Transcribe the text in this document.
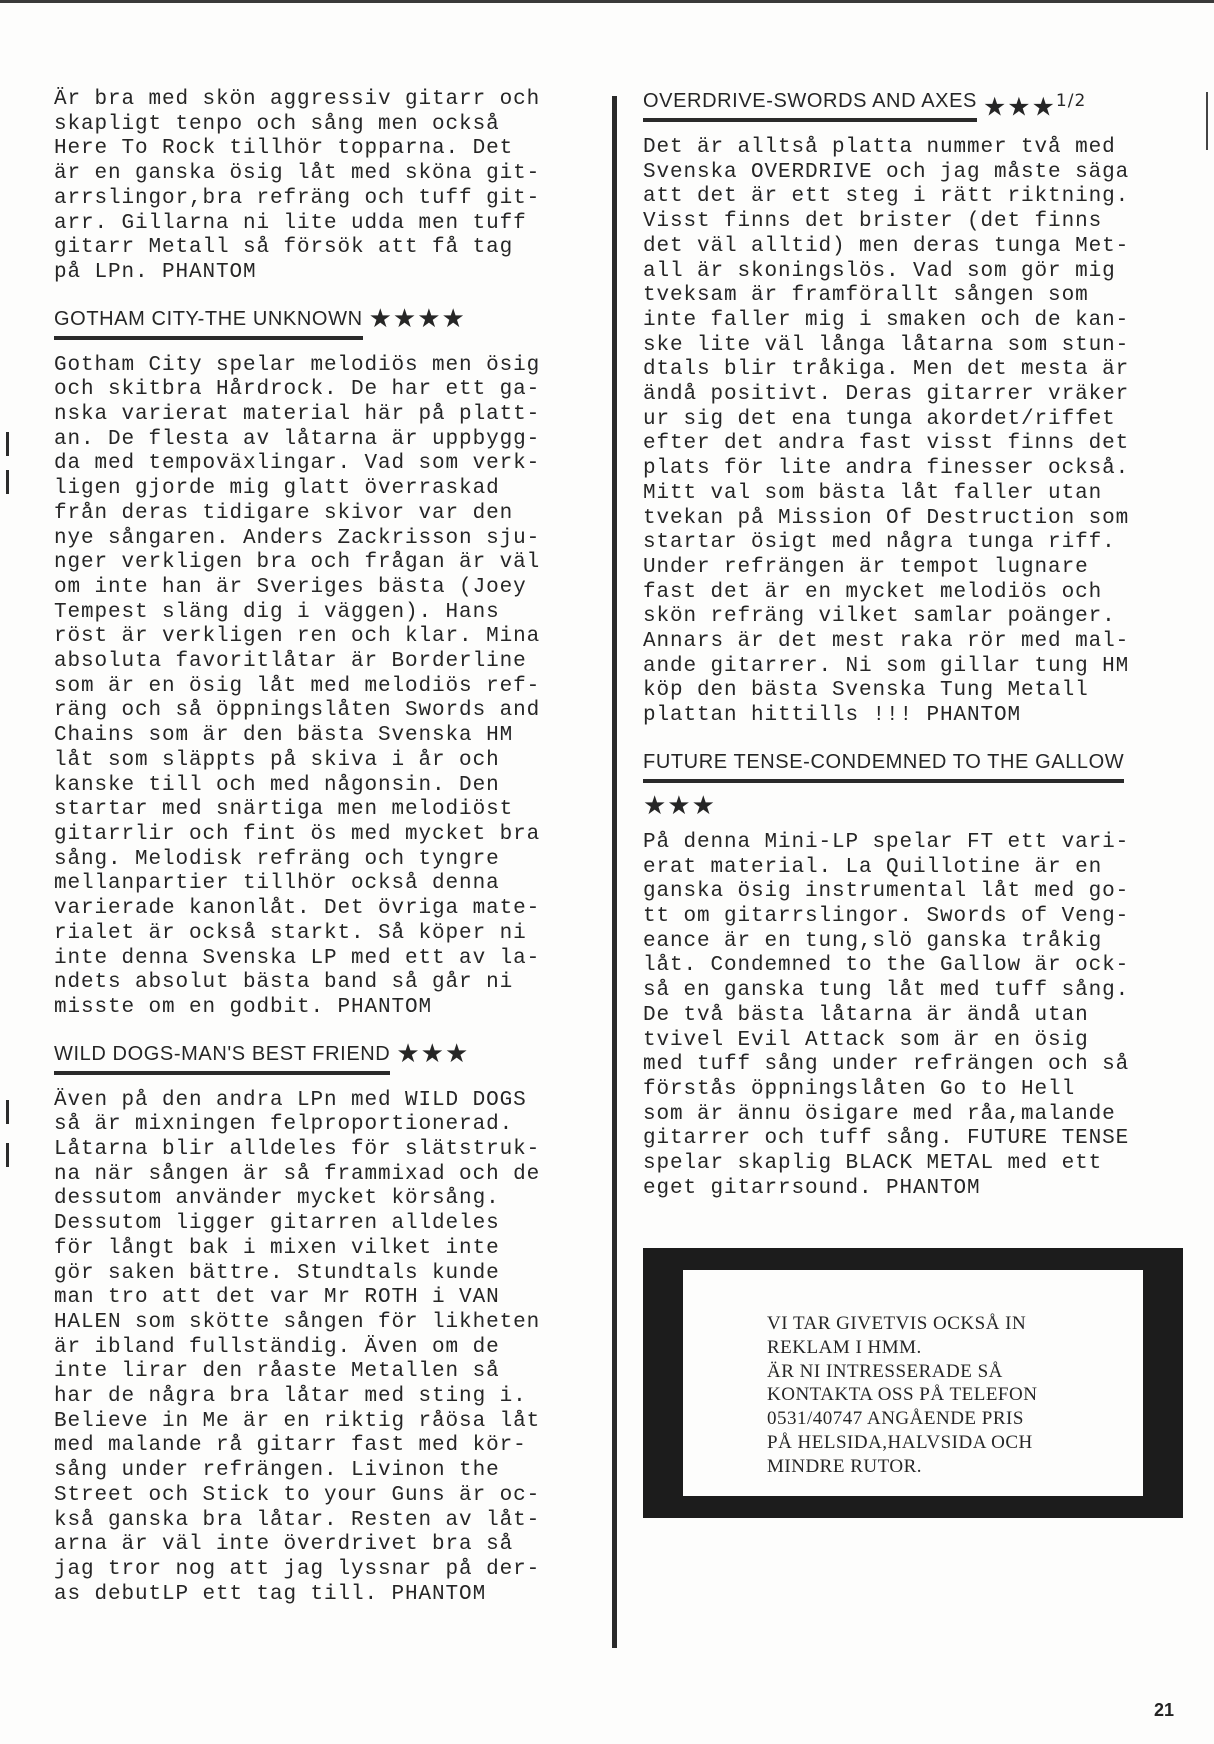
Är bra med skön aggressiv gitarr och
skapligt tenpo och sång men också
Here To Rock tillhör topparna. Det
är en ganska ösig låt med sköna git-
arrslingor,bra refräng och tuff git-
arr. Gillarna ni lite udda men tuff
gitarr Metall så försök att få tag
på LPn. PHANTOM

GOTHAM CITY-THE UNKNOWN ★★★★

Gotham City spelar melodiös men ösig
och skitbra Hårdrock. De har ett ga-
nska varierat material här på platt-
an. De flesta av låtarna är uppbygg-
da med tempoväxlingar. Vad som verk-
ligen gjorde mig glatt överraskad
från deras tidigare skivor var den
nye sångaren. Anders Zackrisson sju-
nger verkligen bra och frågan är väl
om inte han är Sveriges bästa (Joey
Tempest släng dig i väggen). Hans
röst är verkligen ren och klar. Mina
absoluta favoritlåtar är Borderline
som är en ösig låt med melodiös ref-
räng och så öppningslåten Swords and
Chains som är den bästa Svenska HM
låt som släppts på skiva i år och
kanske till och med någonsin. Den
startar med snärtiga men melodiöst
gitarrlir och fint ös med mycket bra
sång. Melodisk refräng och tyngre
mellanpartier tillhör också denna
varierade kanonlåt. Det övriga mate-
rialet är också starkt. Så köper ni
inte denna Svenska LP med ett av la-
ndets absolut bästa band så går ni
misste om en godbit. PHANTOM

WILD DOGS-MAN'S BEST FRIEND ★★★

Även på den andra LPn med WILD DOGS
så är mixningen felproportionerad.
Låtarna blir alldeles för slätstruk-
na när sången är så frammixad och de
dessutom använder mycket körsång.
Dessutom ligger gitarren alldeles
för långt bak i mixen vilket inte
gör saken bättre. Stundtals kunde
man tro att det var Mr ROTH i VAN
HALEN som skötte sången för likheten
är ibland fullständig. Även om de
inte lirar den råaste Metallen så
har de några bra låtar med sting i.
Believe in Me är en riktig råösa låt
med malande rå gitarr fast med kör-
sång under refrängen. Livinon the
Street och Stick to your Guns är oc-
kså ganska bra låtar. Resten av låt-
arna är väl inte överdrivet bra så
jag tror nog att jag lyssnar på der-
as debutLP ett tag till. PHANTOM

OVERDRIVE-SWORDS AND AXES ★★★$^{1/2}$

Det är alltså platta nummer två med
Svenska OVERDRIVE och jag måste säga
att det är ett steg i rätt riktning.
Visst finns det brister (det finns
det väl alltid) men deras tunga Met-
all är skoningslös. Vad som gör mig
tveksam är framförallt sången som
inte faller mig i smaken och de kan-
ske lite väl långa låtarna som stun-
dtals blir tråkiga. Men det mesta är
ändå positivt. Deras gitarrer vräker
ur sig det ena tunga akordet/riffet
efter det andra fast visst finns det
plats för lite andra finesser också.
Mitt val som bästa låt faller utan
tvekan på Mission Of Destruction som
startar ösigt med några tunga riff.
Under refrängen är tempot lugnare
fast det är en mycket melodiös och
skön refräng vilket samlar poänger.
Annars är det mest raka rör med mal-
ande gitarrer. Ni som gillar tung HM
köp den bästa Svenska Tung Metall
plattan hittills !!! PHANTOM

FUTURE TENSE-CONDEMNED TO THE GALLOW
★★★

På denna Mini-LP spelar FT ett vari-
erat material. La Quillotine är en
ganska ösig instrumental låt med go-
tt om gitarrslingor. Swords of Veng-
eance är en tung,slö ganska tråkig
låt. Condemned to the Gallow är ock-
så en ganska tung låt med tuff sång.
De två bästa låtarna är ändå utan
tvivel Evil Attack som är en ösig
med tuff sång under refrängen och så
förstås öppningslåten Go to Hell
som är ännu ösigare med råa,malande
gitarrer och tuff sång. FUTURE TENSE
spelar skaplig BLACK METAL med ett
eget gitarrsound. PHANTOM

VI TAR GIVETVIS OCKSÅ IN
REKLAM I HMM.
ÄR NI INTRESSERADE SÅ
KONTAKTA OSS PÅ TELEFON
0531/40747 ANGÅENDE PRIS
PÅ HELSIDA,HALVSIDA OCH
MINDRE RUTOR.

21
